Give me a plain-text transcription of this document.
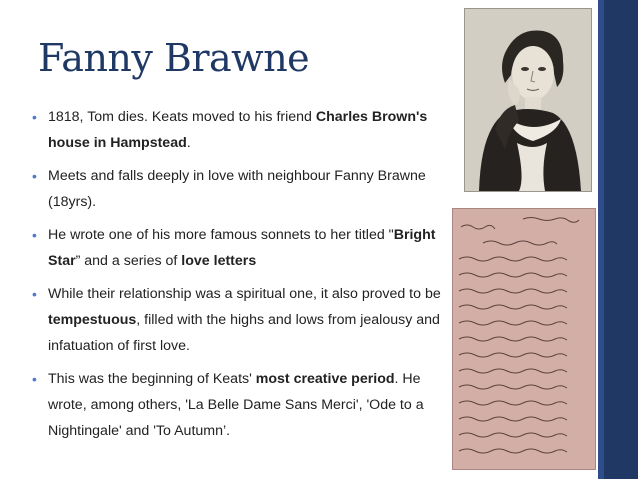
Fanny Brawne
• 1818, Tom dies. Keats moved to his friend Charles Brown's house in Hampstead.
• Meets and falls deeply in love with neighbour Fanny Brawne (18yrs).
• He wrote one of his more famous sonnets to her titled "Bright Star” and a series of love letters
• While their relationship was a spiritual one, it also proved to be tempestuous, filled with the highs and lows from jealousy and infatuation of first love.
• This was the beginning of Keats' most creative period. He wrote, among others, 'La Belle Dame Sans Merci', 'Ode to a Nightingale' and 'To Autumn’.
